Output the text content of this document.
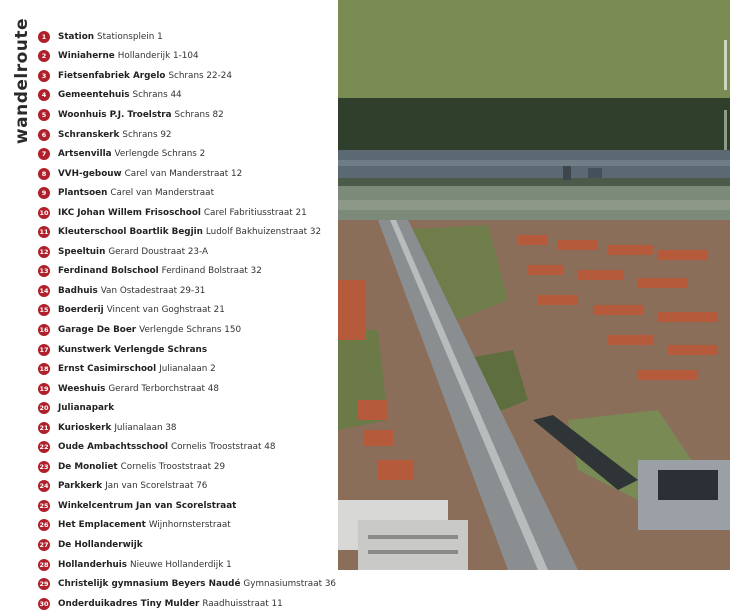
wandelroute	1	Station Stationsplein 1
2	Winiaherne Hollanderijk 1-104
3	Fietsenfabriek Argelo Schrans 22-24
4	Gemeentehuis Schrans 44
5	Woonhuis P.J. Troelstra Schrans 82
6	Schranskerk Schrans 92
7	Artsenvilla Verlengde Schrans 2
8	VVH-gebouw Carel van Manderstraat 12
9	Plantsoen Carel van Manderstraat
10 IKC Johan Willem Frisoschool Carel Fabritiusstraat 21
11 Kleuterschool Boartlik Begjin Ludolf Bakhuizenstraat 32
12 Speeltuin Gerard Doustraat 23-A
13 Ferdinand Bolschool Ferdinand Bolstraat 32
14 Badhuis Van Ostadestraat 29-31
15 Boerderij Vincent van Goghstraat 21
16 Garage De Boer Verlengde Schrans 150
17 Kunstwerk Verlengde Schrans
18 Ernst Casimirschool Julianalaan 2
19 Weeshuis Gerard Terborchstraat 48
20 Julianapark
21 Kurioskerk Julianalaan 38
22 Oude Ambachtsschool Cornelis Trooststraat 48
23 De Monoliet Cornelis Trooststraat 29
24 Parkkerk Jan van Scorelstraat 76
25 Winkelcentrum Jan van Scorelstraat
26 Het Emplacement Wijnhornsterstraat
27 De Hollanderwijk
28 Hollanderhuis Nieuwe Hollanderdijk 1
29 Christelijk gymnasium Beyers Naudé Gymnasiumstraat 36
30 Onderduikadres Tiny Mulder Raadhuisstraat 11
